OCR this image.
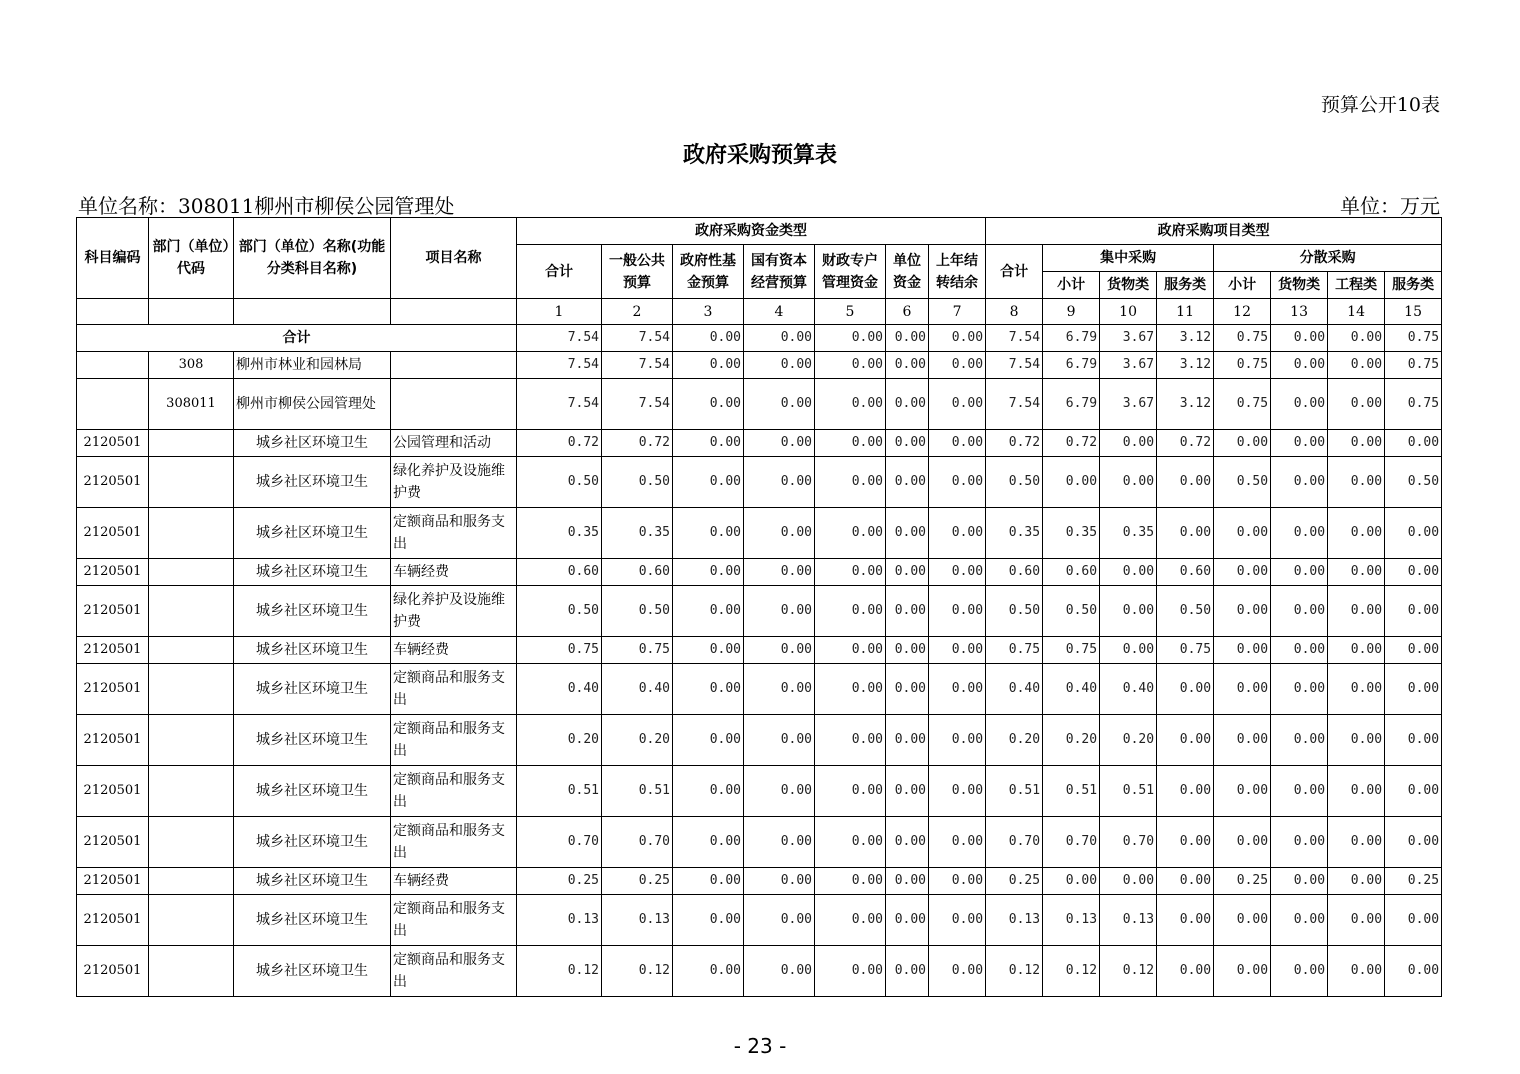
预算公开10表
政府采购预算表
单位名称：308011柳州市柳侯公园管理处	单位：万元
科目编码	部门（单位）代码	部门（单位）名称(功能分类科目名称)	项目名称	政府采购资金类型							政府采购项目类型							
				合计	一般公共预算	政府性基金预算	国有资本经营预算	财政专户管理资金	单位资金	上年结转结余	合计	集中采购			分散采购			
												小计	货物类	服务类	小计	货物类	工程类	服务类
				1	2	3	4	5	6	7	8	9	10	11	12	13	14	15
合计				7.54	7.54	0.00	0.00	0.00	0.00	0.00	7.54	6.79	3.67	3.12	0.75	0.00	0.00	0.75
	308	柳州市林业和园林局		7.54	7.54	0.00	0.00	0.00	0.00	0.00	7.54	6.79	3.67	3.12	0.75	0.00	0.00	0.75
	308011	柳州市柳侯公园管理处		7.54	7.54	0.00	0.00	0.00	0.00	0.00	7.54	6.79	3.67	3.12	0.75	0.00	0.00	0.75
2120501		城乡社区环境卫生	公园管理和活动	0.72	0.72	0.00	0.00	0.00	0.00	0.00	0.72	0.72	0.00	0.72	0.00	0.00	0.00	0.00
2120501		城乡社区环境卫生	绿化养护及设施维护费	0.50	0.50	0.00	0.00	0.00	0.00	0.00	0.50	0.00	0.00	0.00	0.50	0.00	0.00	0.50
2120501		城乡社区环境卫生	定额商品和服务支出	0.35	0.35	0.00	0.00	0.00	0.00	0.00	0.35	0.35	0.35	0.00	0.00	0.00	0.00	0.00
2120501		城乡社区环境卫生	车辆经费	0.60	0.60	0.00	0.00	0.00	0.00	0.00	0.60	0.60	0.00	0.60	0.00	0.00	0.00	0.00
2120501		城乡社区环境卫生	绿化养护及设施维护费	0.50	0.50	0.00	0.00	0.00	0.00	0.00	0.50	0.50	0.00	0.50	0.00	0.00	0.00	0.00
2120501		城乡社区环境卫生	车辆经费	0.75	0.75	0.00	0.00	0.00	0.00	0.00	0.75	0.75	0.00	0.75	0.00	0.00	0.00	0.00
2120501		城乡社区环境卫生	定额商品和服务支出	0.40	0.40	0.00	0.00	0.00	0.00	0.00	0.40	0.40	0.40	0.00	0.00	0.00	0.00	0.00
2120501		城乡社区环境卫生	定额商品和服务支出	0.20	0.20	0.00	0.00	0.00	0.00	0.00	0.20	0.20	0.20	0.00	0.00	0.00	0.00	0.00
2120501		城乡社区环境卫生	定额商品和服务支出	0.51	0.51	0.00	0.00	0.00	0.00	0.00	0.51	0.51	0.51	0.00	0.00	0.00	0.00	0.00
2120501		城乡社区环境卫生	定额商品和服务支出	0.70	0.70	0.00	0.00	0.00	0.00	0.00	0.70	0.70	0.70	0.00	0.00	0.00	0.00	0.00
2120501		城乡社区环境卫生	车辆经费	0.25	0.25	0.00	0.00	0.00	0.00	0.00	0.25	0.00	0.00	0.00	0.25	0.00	0.00	0.25
2120501		城乡社区环境卫生	定额商品和服务支出	0.13	0.13	0.00	0.00	0.00	0.00	0.00	0.13	0.13	0.13	0.00	0.00	0.00	0.00	0.00
2120501		城乡社区环境卫生	定额商品和服务支出	0.12	0.12	0.00	0.00	0.00	0.00	0.00	0.12	0.12	0.12	0.00	0.00	0.00	0.00	0.00
- 23 -
